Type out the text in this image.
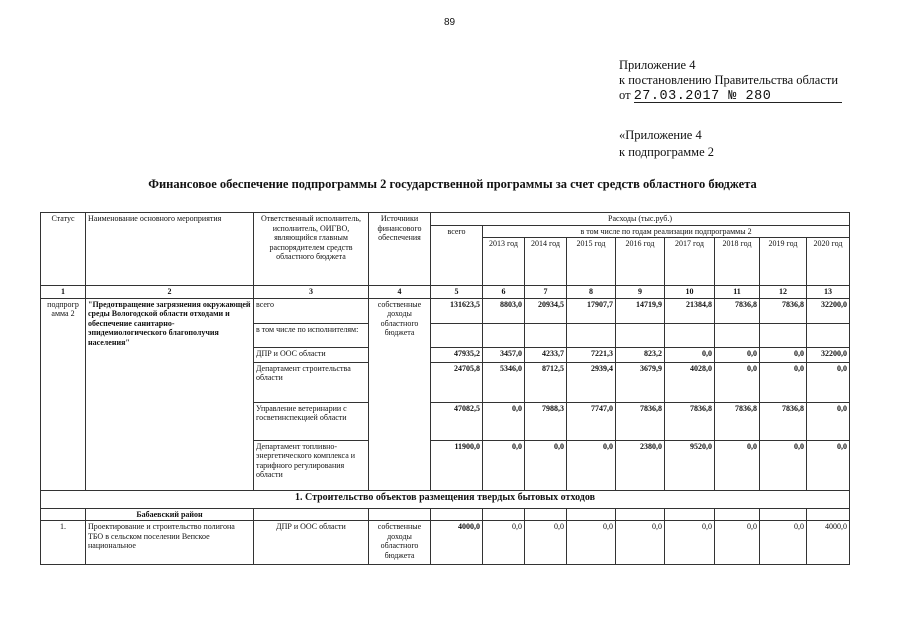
89
Приложение 4
к постановлению Правительства области
от 27.03.2017 № 280
«Приложение 4
к подпрограмме 2
Финансовое обеспечение подпрограммы 2 государственной программы за счет средств областного бюджета
Статус	Наименование основного мероприятия	Ответственный исполнитель, исполнитель, ОИГВО, являющийся главным распорядителем средств областного бюджета	Источники финансового обеспечения	Расходы (тыс.руб.)								
				всего	в том числе по годам реализации подпрограммы 2							
					2013 год	2014 год	2015 год	2016 год	2017 год	2018 год	2019 год	2020 год
1	2	3	4	5	6	7	8	9	10	11	12	13
подпрогр амма 2	"Предотвращение загрязнения окружающей среды Вологодской области отходами и обеспечение санитарно-эпидемиологического благополучия населения"	всего	собственные доходы областного бюджета	131623,5	8803,0	20934,5	17907,7	14719,9	21384,8	7836,8	7836,8	32200,0
		в том числе по исполнителям:										
		ДПР и ООС области		47935,2	3457,0	4233,7	7221,3	823,2	0,0	0,0	0,0	32200,0
		Департамент строительства области		24705,8	5346,0	8712,5	2939,4	3679,9	4028,0	0,0	0,0	0,0
		Управление ветеринарии с госветинспекцией области		47082,5	0,0	7988,3	7747,0	7836,8	7836,8	7836,8	7836,8	0,0
		Департамент топливно-энергетического комплекса и тарифного регулирования области		11900,0	0,0	0,0	0,0	2380,0	9520,0	0,0	0,0	0,0
1. Строительство объектов размещения твердых бытовых отходов												
	Бабаевский район											
1.	Проектирование и строительство полигона ТБО в сельском поселении Вепское национальное	ДПР и ООС области	собственные доходы областного бюджета	4000,0	0,0	0,0	0,0	0,0	0,0	0,0	0,0	4000,0
